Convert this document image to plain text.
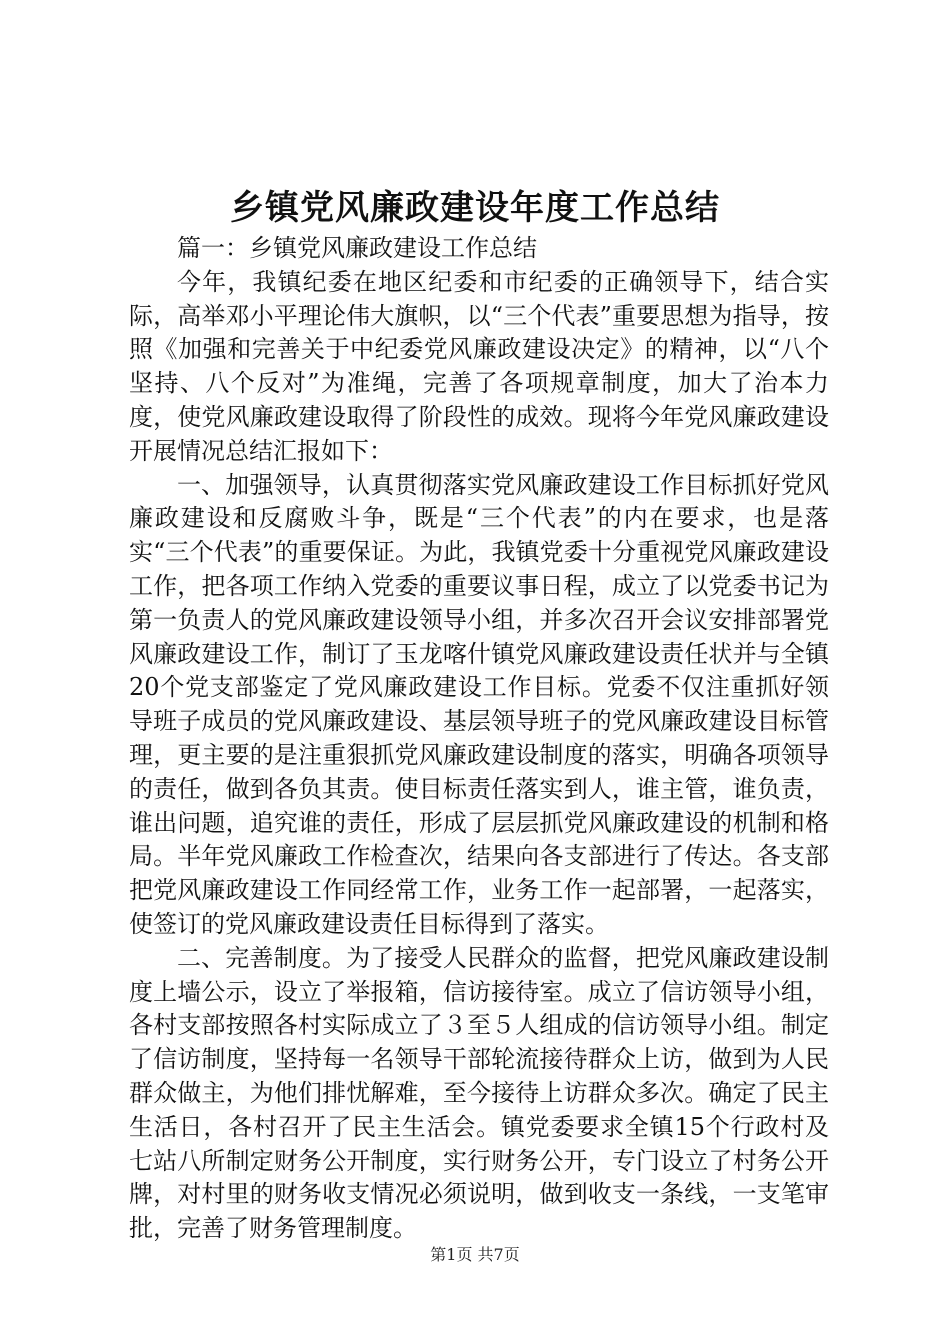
乡镇党风廉政建设年度工作总结

篇一：乡镇党风廉政建设工作总结

今年，我镇纪委在地区纪委和市纪委的正确领导下，结合实际，高举邓小平理论伟大旗帜，以“三个代表”重要思想为指导，按照《加强和完善关于中纪委党风廉政建设决定》的精神，以“八个坚持、八个反对”为准绳，完善了各项规章制度，加大了治本力度，使党风廉政建设取得了阶段性的成效。现将今年党风廉政建设开展情况总结汇报如下：

一、加强领导，认真贯彻落实党风廉政建设工作目标抓好党风廉政建设和反腐败斗争，既是“三个代表”的内在要求，也是落实“三个代表”的重要保证。为此，我镇党委十分重视党风廉政建设工作，把各项工作纳入党委的重要议事日程，成立了以党委书记为第一负责人的党风廉政建设领导小组，并多次召开会议安排部署党风廉政建设工作，制订了玉龙喀什镇党风廉政建设责任状并与全镇20个党支部鉴定了党风廉政建设工作目标。党委不仅注重抓好领导班子成员的党风廉政建设、基层领导班子的党风廉政建设目标管理，更主要的是注重狠抓党风廉政建设制度的落实，明确各项领导的责任，做到各负其责。使目标责任落实到人，谁主管，谁负责，谁出问题，追究谁的责任，形成了层层抓党风廉政建设的机制和格局。半年党风廉政工作检查次，结果向各支部进行了传达。各支部把党风廉政建设工作同经常工作，业务工作一起部署，一起落实，使签订的党风廉政建设责任目标得到了落实。

二、完善制度。为了接受人民群众的监督，把党风廉政建设制度上墙公示，设立了举报箱，信访接待室。成立了信访领导小组，各村支部按照各村实际成立了３至５人组成的信访领导小组。制定了信访制度，坚持每一名领导干部轮流接待群众上访，做到为人民群众做主，为他们排忧解难，至今接待上访群众多次。确定了民主生活日，各村召开了民主生活会。镇党委要求全镇15个行政村及七站八所制定财务公开制度，实行财务公开，专门设立了村务公开牌，对村里的财务收支情况必须说明，做到收支一条线，一支笔审批，完善了财务管理制度。

第1页 共7页
